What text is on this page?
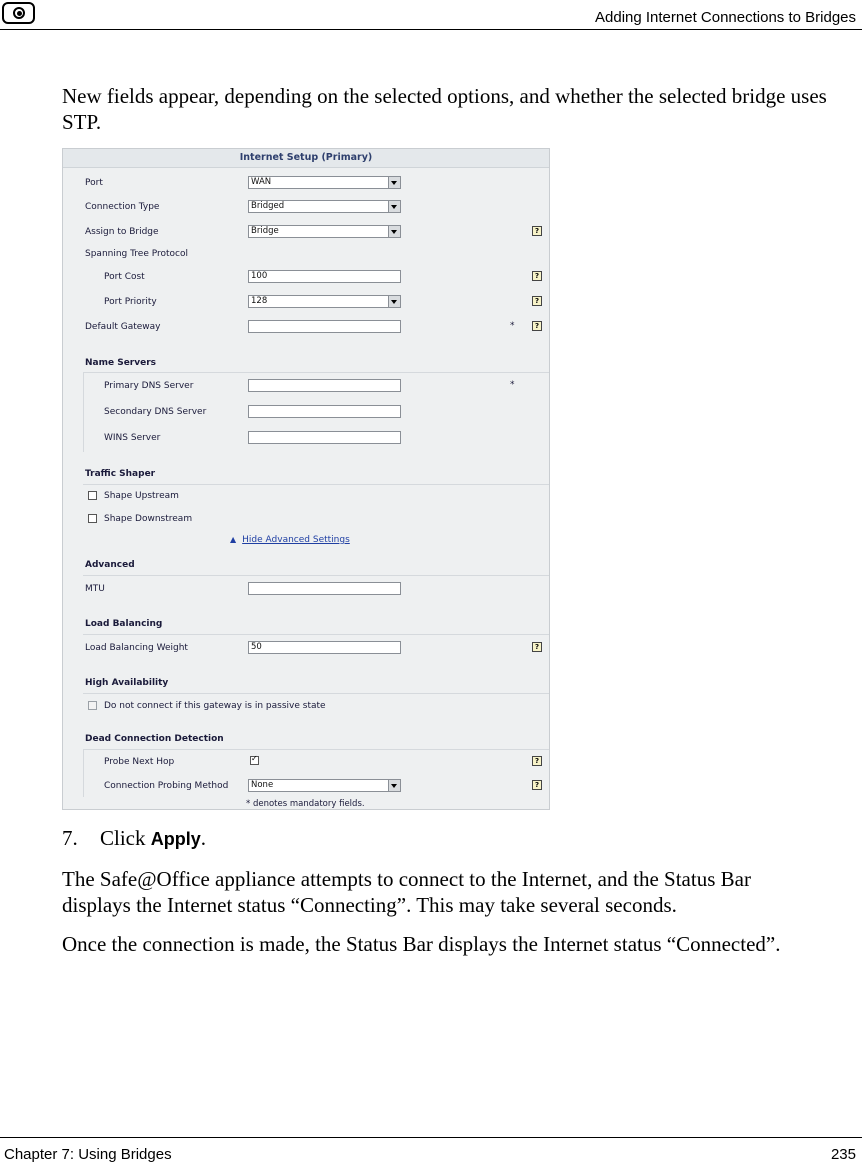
Adding Internet Connections to Bridges
New fields appear, depending on the selected options, and whether the selected bridge uses STP.
Internet Setup (Primary)
Port	WAN
Connection Type	Bridged
Assign to Bridge	Bridge	?
Spanning Tree Protocol
Port Cost	100	?
Port Priority	128	?
Default Gateway	*	?
Name Servers
Primary DNS Server	*
Secondary DNS Server
WINS Server
Traffic Shaper
Shape Upstream
Shape Downstream
▲ Hide Advanced Settings
Advanced
MTU
Load Balancing
Load Balancing Weight	50	?
High Availability
Do not connect if this gateway is in passive state
Dead Connection Detection
Probe Next Hop
✓	?
Connection Probing Method	None	?
* denotes mandatory fields.
7. Click Apply.
The Safe@Office appliance attempts to connect to the Internet, and the Status Bar displays the Internet status “Connecting”. This may take several seconds.
Once the connection is made, the Status Bar displays the Internet status “Connected”.
Chapter 7: Using Bridges	235
